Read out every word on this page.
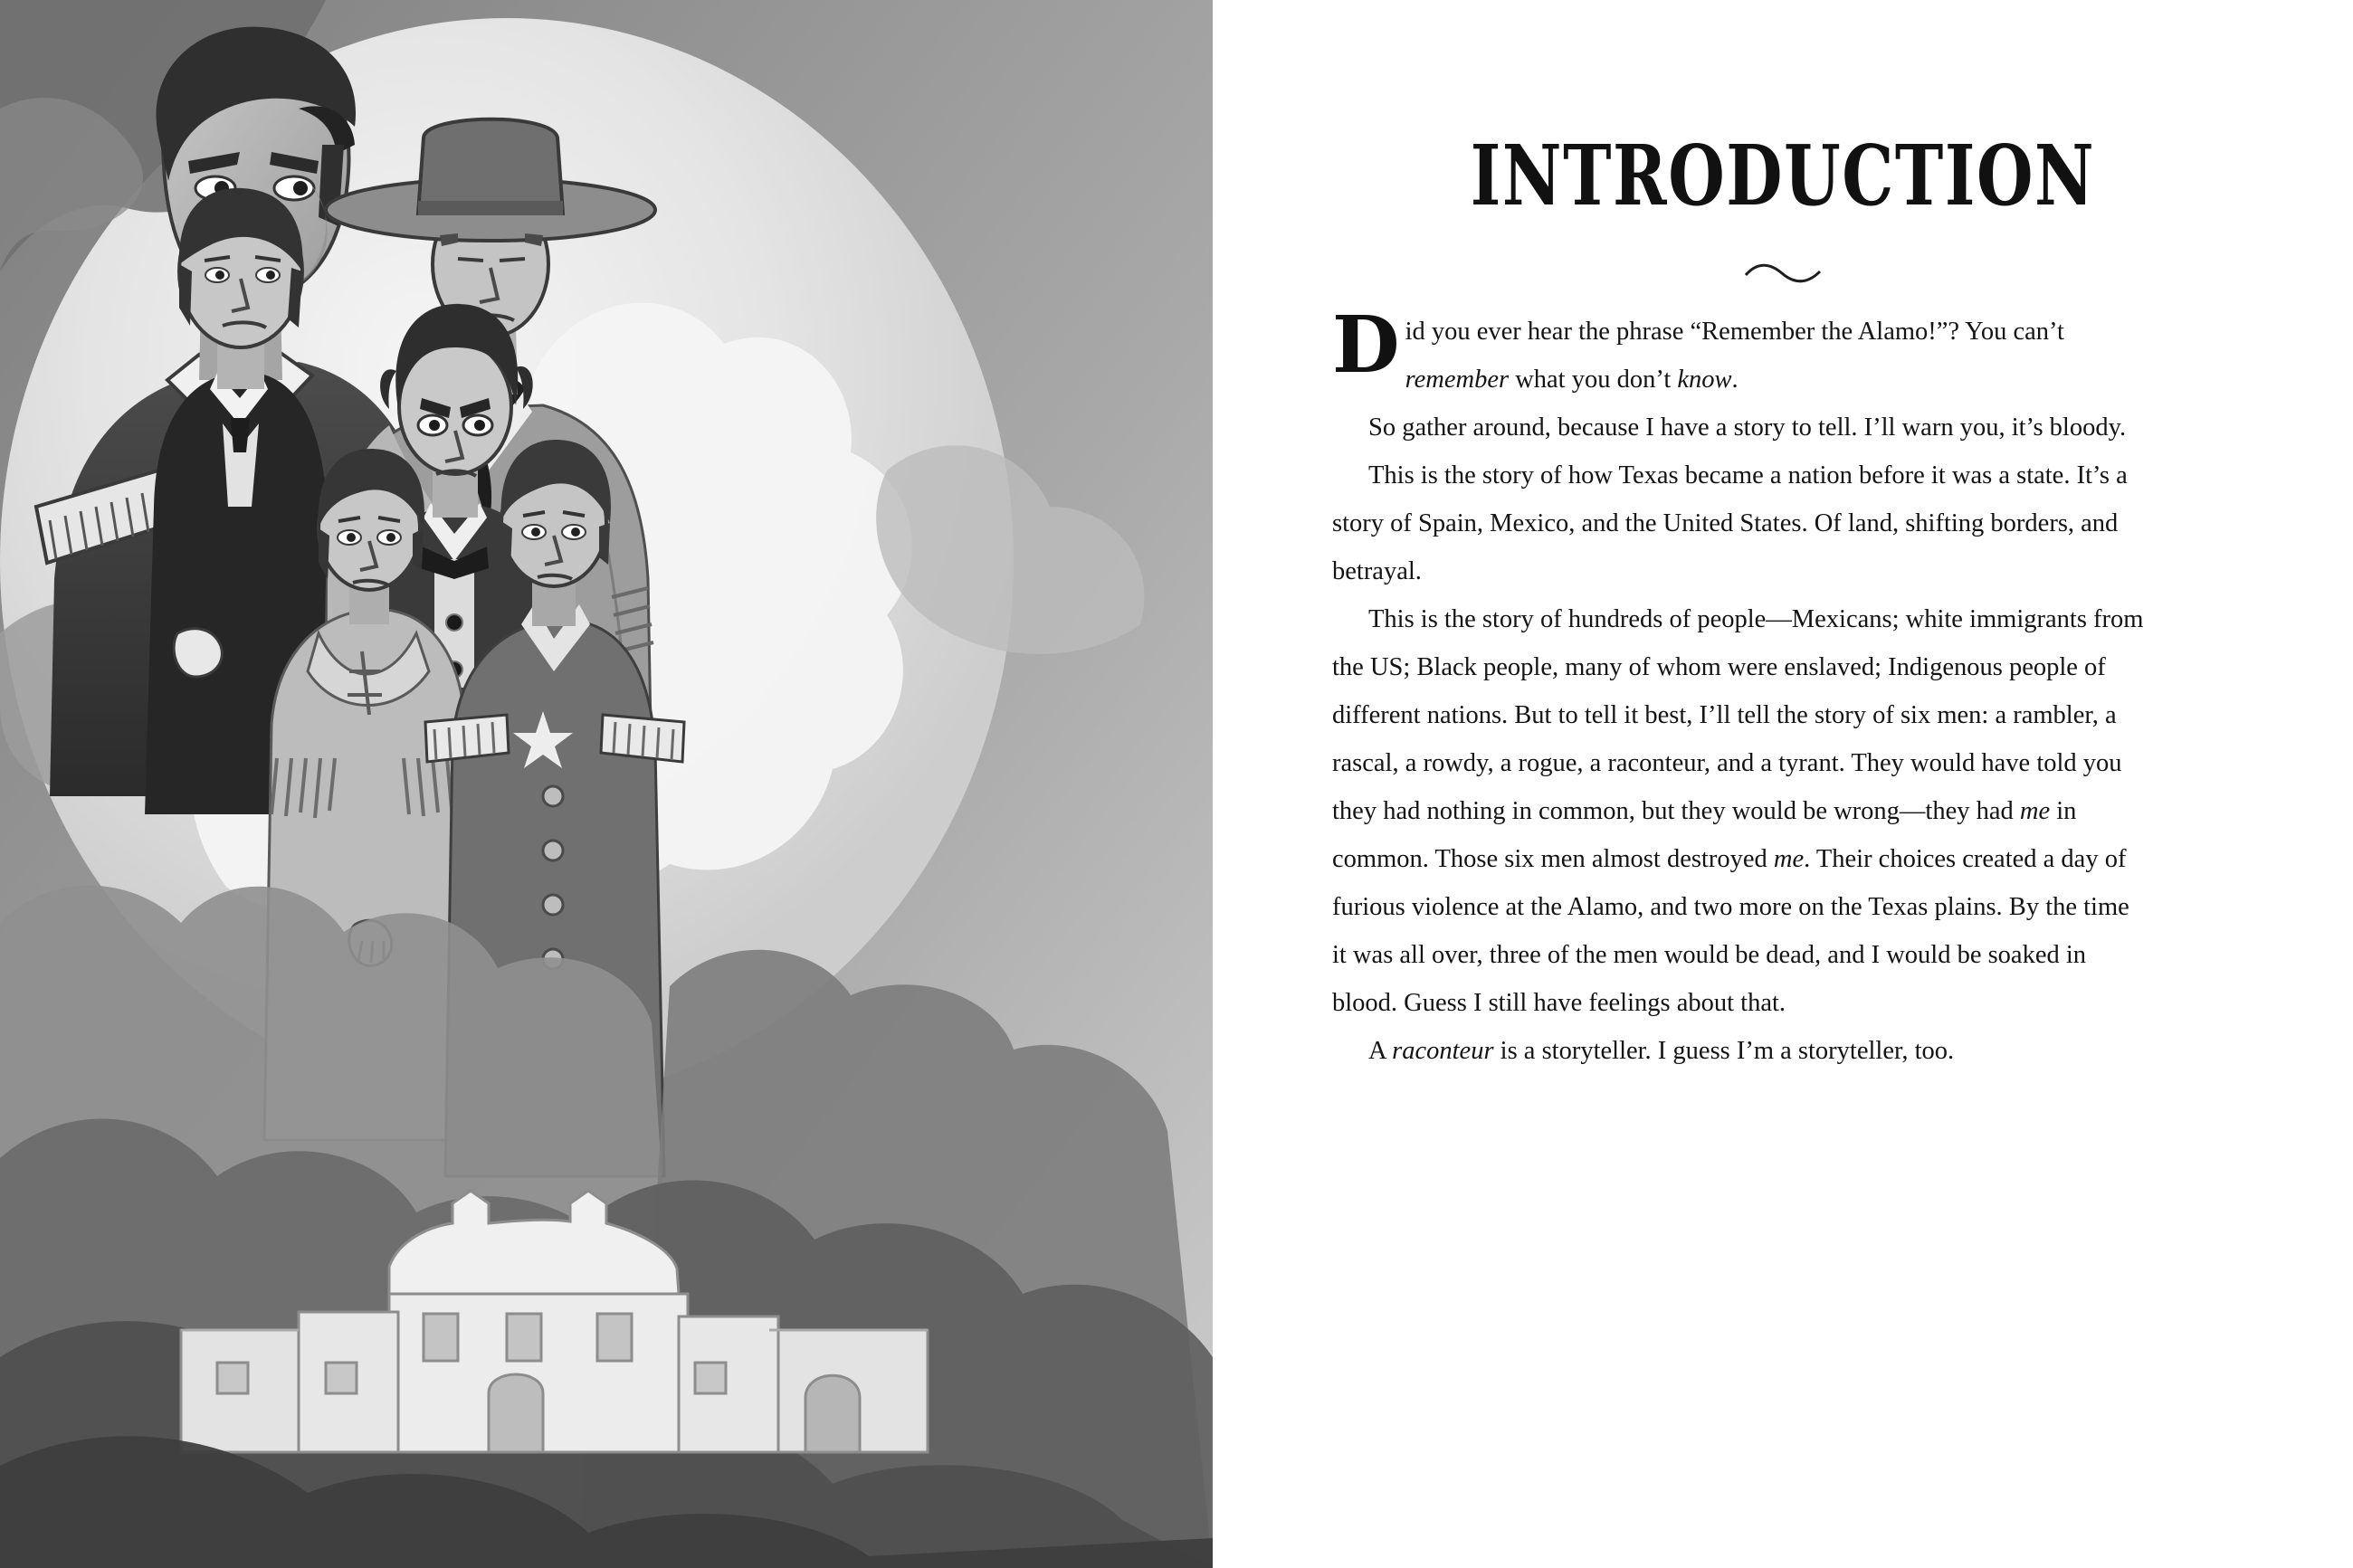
INTRODUCTION

Did you ever hear the phrase “Remember the Alamo!”? You can’t remember what you don’t know.

So gather around, because I have a story to tell. I’ll warn you, it’s bloody.

This is the story of how Texas became a nation before it was a state. It’s a story of Spain, Mexico, and the United States. Of land, shifting borders, and betrayal.

This is the story of hundreds of people—Mexicans; white immigrants from the US; Black people, many of whom were enslaved; Indigenous people of different nations. But to tell it best, I’ll tell the story of six men: a rambler, a rascal, a rowdy, a rogue, a raconteur, and a tyrant. They would have told you they had nothing in common, but they would be wrong—they had me in common. Those six men almost destroyed me. Their choices created a day of furious violence at the Alamo, and two more on the Texas plains. By the time it was all over, three of the men would be dead, and I would be soaked in blood. Guess I still have feelings about that.

A raconteur is a storyteller. I guess I’m a storyteller, too.
